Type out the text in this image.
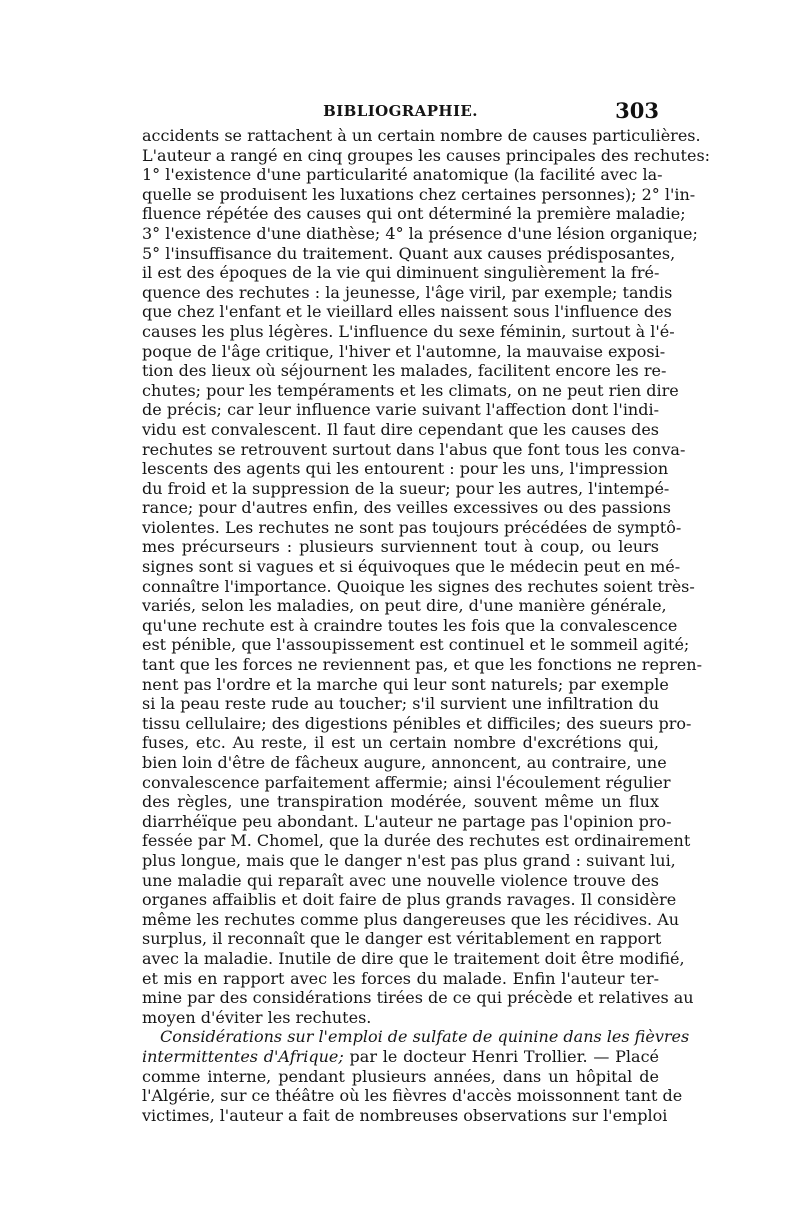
BIBLIOGRAPHIE.	303
accidents se rattachent à un certain nombre de causes particulières.
L'auteur a rangé en cinq groupes les causes principales des rechutes:
1° l'existence d'une particularité anatomique (la facilité avec la-
quelle se produisent les luxations chez certaines personnes); 2° l'in-
fluence répétée des causes qui ont déterminé la première maladie;
3° l'existence d'une diathèse; 4° la présence d'une lésion organique;
5° l'insuffisance du traitement. Quant aux causes prédisposantes,
il est des époques de la vie qui diminuent singulièrement la fré-
quence des rechutes : la jeunesse, l'âge viril, par exemple; tandis
que chez l'enfant et le vieillard elles naissent sous l'influence des
causes les plus légères. L'influence du sexe féminin, surtout à l'é-
poque de l'âge critique, l'hiver et l'automne, la mauvaise exposi-
tion des lieux où séjournent les malades, facilitent encore les re-
chutes; pour les tempéraments et les climats, on ne peut rien dire
de précis; car leur influence varie suivant l'affection dont l'indi-
vidu est convalescent. Il faut dire cependant que les causes des
rechutes se retrouvent surtout dans l'abus que font tous les conva-
lescents des agents qui les entourent : pour les uns, l'impression
du froid et la suppression de la sueur; pour les autres, l'intempé-
rance; pour d'autres enfin, des veilles excessives ou des passions
violentes. Les rechutes ne sont pas toujours précédées de symptô-
mes précurseurs : plusieurs surviennent tout à coup, ou leurs
signes sont si vagues et si équivoques que le médecin peut en mé-
connaître l'importance. Quoique les signes des rechutes soient très-
variés, selon les maladies, on peut dire, d'une manière générale,
qu'une rechute est à craindre toutes les fois que la convalescence
est pénible, que l'assoupissement est continuel et le sommeil agité;
tant que les forces ne reviennent pas, et que les fonctions ne repren-
nent pas l'ordre et la marche qui leur sont naturels; par exemple
si la peau reste rude au toucher; s'il survient une infiltration du
tissu cellulaire; des digestions pénibles et difficiles; des sueurs pro-
fuses, etc. Au reste, il est un certain nombre d'excrétions qui,
bien loin d'être de fâcheux augure, annoncent, au contraire, une
convalescence parfaitement affermie; ainsi l'écoulement régulier
des règles, une transpiration modérée, souvent même un flux
diarrhéïque peu abondant. L'auteur ne partage pas l'opinion pro-
fessée par M. Chomel, que la durée des rechutes est ordinairement
plus longue, mais que le danger n'est pas plus grand : suivant lui,
une maladie qui reparaît avec une nouvelle violence trouve des
organes affaiblis et doit faire de plus grands ravages. Il considère
même les rechutes comme plus dangereuses que les récidives. Au
surplus, il reconnaît que le danger est véritablement en rapport
avec la maladie. Inutile de dire que le traitement doit être modifié,
et mis en rapport avec les forces du malade. Enfin l'auteur ter-
mine par des considérations tirées de ce qui précède et relatives au
moyen d'éviter les rechutes.
Considérations sur l'emploi de sulfate de quinine dans les fièvres
intermittentes d'Afrique; par le docteur Henri Trollier. — Placé
comme interne, pendant plusieurs années, dans un hôpital de
l'Algérie, sur ce théâtre où les fièvres d'accès moissonnent tant de
victimes, l'auteur a fait de nombreuses observations sur l'emploi
